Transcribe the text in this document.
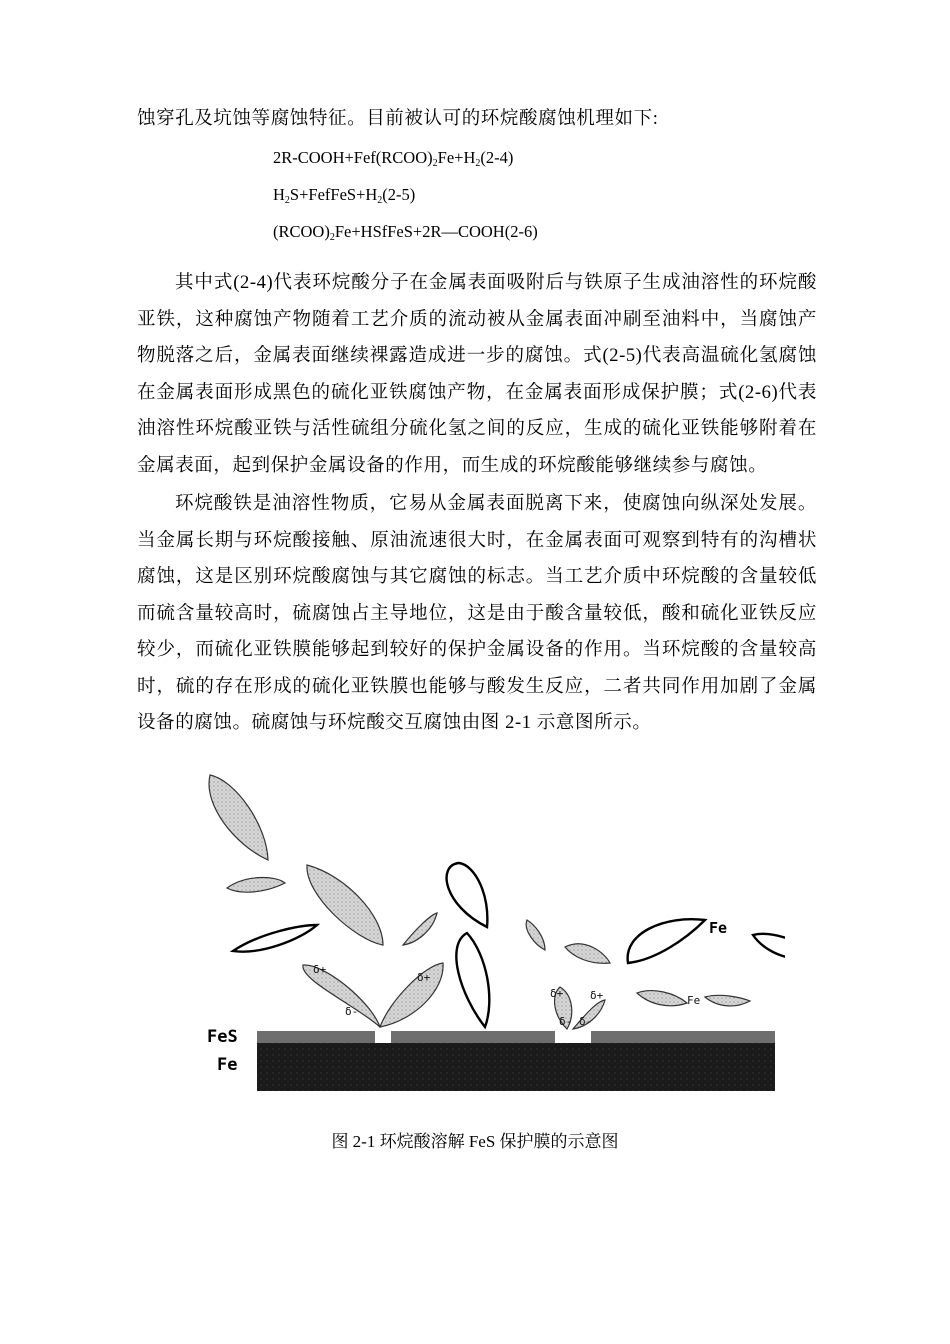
蚀穿孔及坑蚀等腐蚀特征。目前被认可的环烷酸腐蚀机理如下:

$2R-COOH+Fef(RCOO)_2Fe+H_2(2-4)$

$H_2S+FefFeS+H_2(2-5)$

$(RCOO)_2Fe+HSfFeS+2R—COOH(2-6)$

其中式(2-4)代表环烷酸分子在金属表面吸附后与铁原子生成油溶性的环烷酸亚铁，这种腐蚀产物随着工艺介质的流动被从金属表面冲刷至油料中，当腐蚀产物脱落之后，金属表面继续裸露造成进一步的腐蚀。式(2-5)代表高温硫化氢腐蚀在金属表面形成黑色的硫化亚铁腐蚀产物，在金属表面形成保护膜；式(2-6)代表油溶性环烷酸亚铁与活性硫组分硫化氢之间的反应，生成的硫化亚铁能够附着在金属表面，起到保护金属设备的作用，而生成的环烷酸能够继续参与腐蚀。

环烷酸铁是油溶性物质，它易从金属表面脱离下来，使腐蚀向纵深处发展。当金属长期与环烷酸接触、原油流速很大时，在金属表面可观察到特有的沟槽状腐蚀，这是区别环烷酸腐蚀与其它腐蚀的标志。当工艺介质中环烷酸的含量较低而硫含量较高时，硫腐蚀占主导地位，这是由于酸含量较低，酸和硫化亚铁反应较少，而硫化亚铁膜能够起到较好的保护金属设备的作用。当环烷酸的含量较高时，硫的存在形成的硫化亚铁膜也能够与酸发生反应，二者共同作用加剧了金属设备的腐蚀。硫腐蚀与环烷酸交互腐蚀由图 2-1 示意图所示。

FeS
Fe
Fe
Fe
δ+
δ-
δ+
δ+ δ+
δ- δ-
图 2-1 环烷酸溶解 FeS 保护膜的示意图
